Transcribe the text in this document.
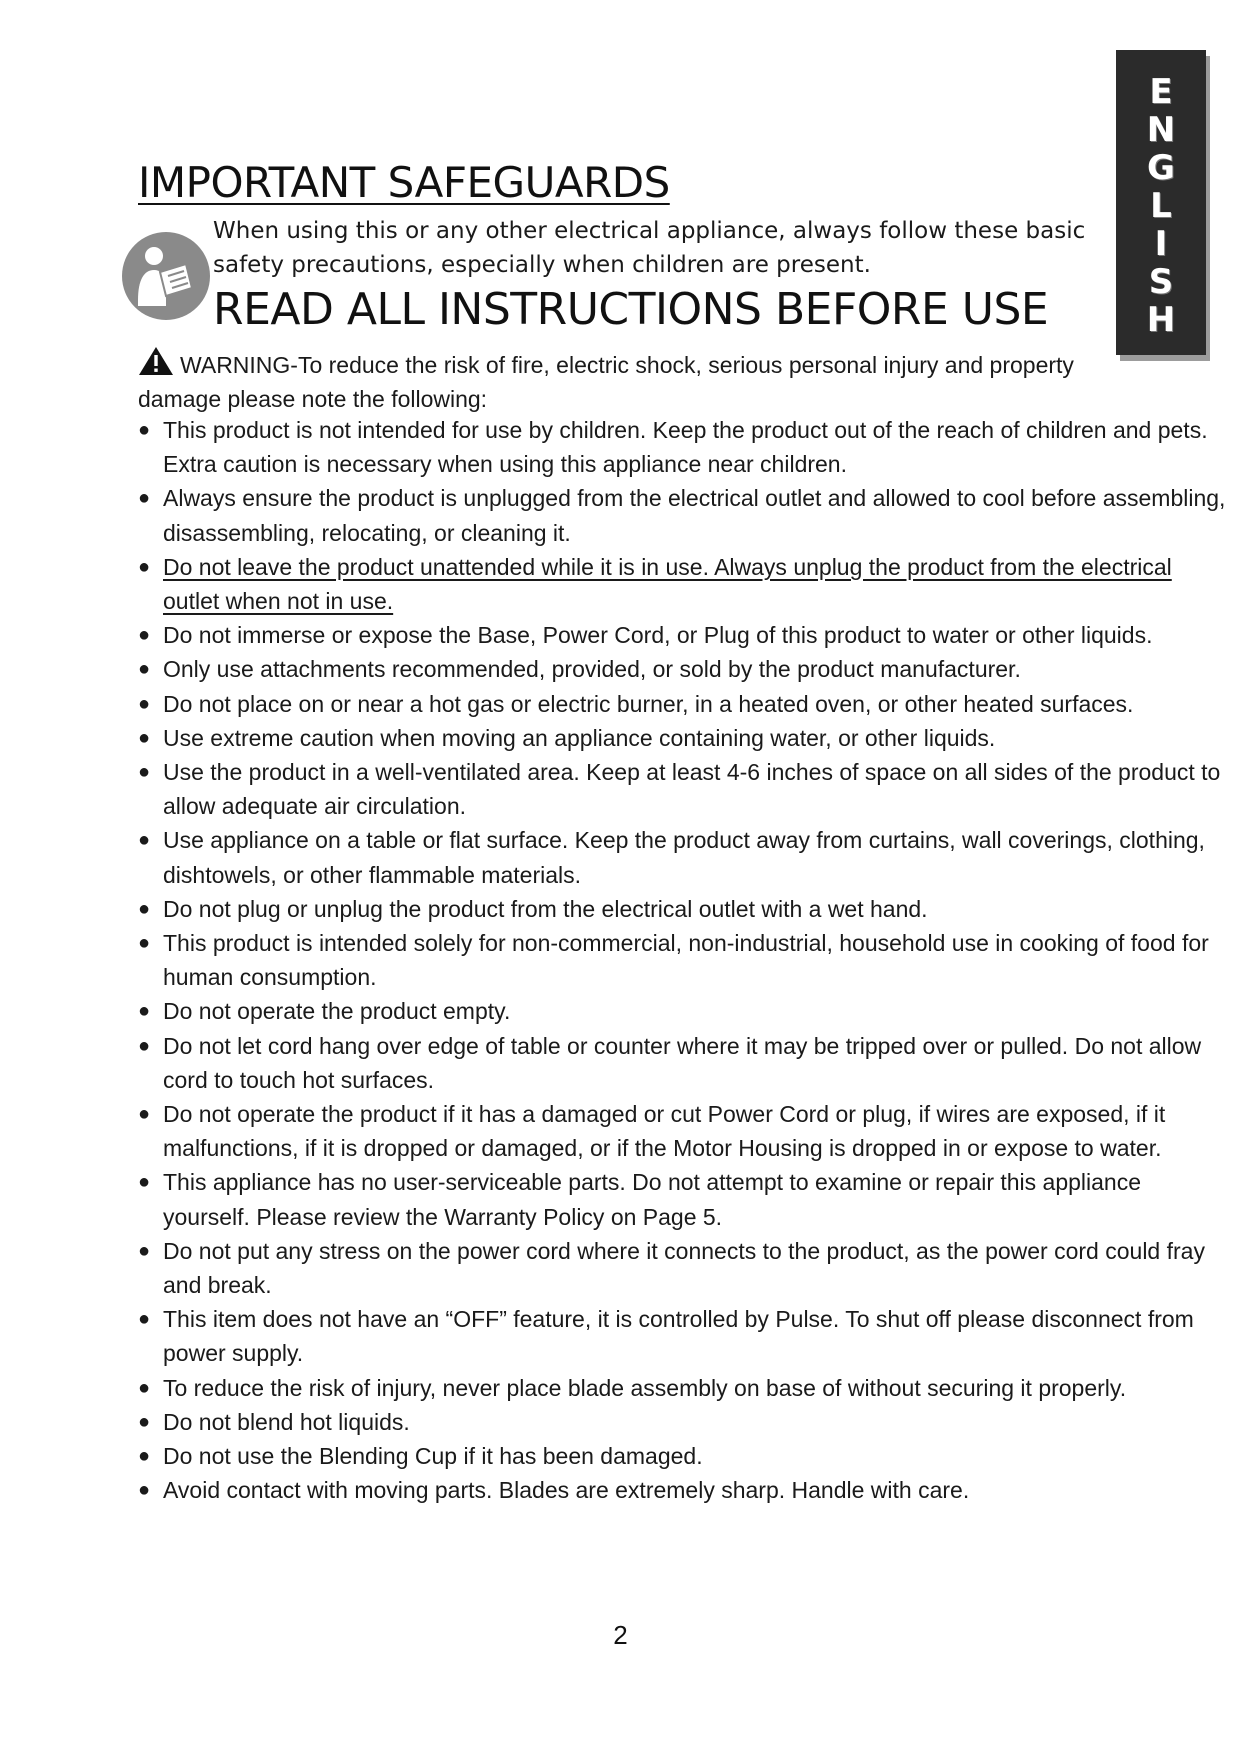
E
N
G
L
I
S
H
IMPORTANT SAFEGUARDS

When using this or any other electrical appliance, always follow these basic safety precautions, especially when children are present.

READ ALL INSTRUCTIONS BEFORE USE

WARNING-To reduce the risk of fire, electric shock, serious personal injury and property damage please note the following:

● This product is not intended for use by children. Keep the product out of the reach of children and pets. Extra caution is necessary when using this appliance near children.
● Always ensure the product is unplugged from the electrical outlet and allowed to cool before assembling, disassembling, relocating, or cleaning it.
● Do not leave the product unattended while it is in use. Always unplug the product from the electrical outlet when not in use.
● Do not immerse or expose the Base, Power Cord, or Plug of this product to water or other liquids.
● Only use attachments recommended, provided, or sold by the product manufacturer.
● Do not place on or near a hot gas or electric burner, in a heated oven, or other heated surfaces.
● Use extreme caution when moving an appliance containing water, or other liquids.
● Use the product in a well-ventilated area. Keep at least 4-6 inches of space on all sides of the product to allow adequate air circulation.
● Use appliance on a table or flat surface. Keep the product away from curtains, wall coverings, clothing, dishtowels, or other flammable materials.
● Do not plug or unplug the product from the electrical outlet with a wet hand.
● This product is intended solely for non-commercial, non-industrial, household use in cooking of food for human consumption.
● Do not operate the product empty.
● Do not let cord hang over edge of table or counter where it may be tripped over or pulled. Do not allow cord to touch hot surfaces.
● Do not operate the product if it has a damaged or cut Power Cord or plug, if wires are exposed, if it malfunctions, if it is dropped or damaged, or if the Motor Housing is dropped in or expose to water.
● This appliance has no user-serviceable parts. Do not attempt to examine or repair this appliance yourself. Please review the Warranty Policy on Page 5.
● Do not put any stress on the power cord where it connects to the product, as the power cord could fray and break.
● This item does not have an “OFF” feature, it is controlled by Pulse. To shut off please disconnect from power supply.
● To reduce the risk of injury, never place blade assembly on base of without securing it properly.
● Do not blend hot liquids.
● Do not use the Blending Cup if it has been damaged.
● Avoid contact with moving parts. Blades are extremely sharp. Handle with care.
2
